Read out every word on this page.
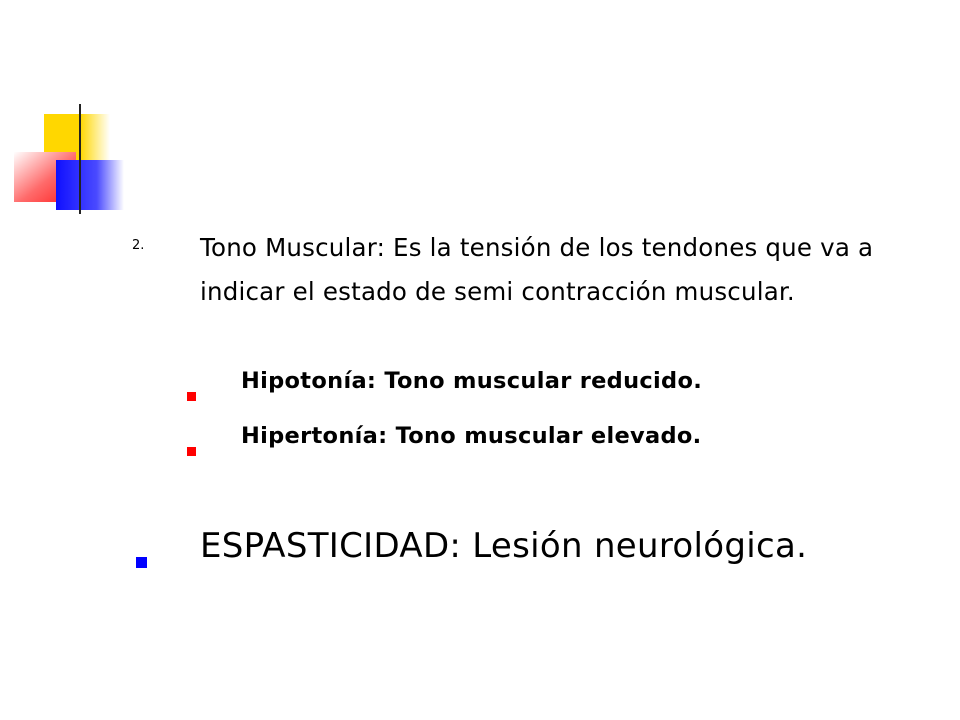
2. Tono Muscular: Es la tensión de los tendones que va a indicar el estado de semi contracción muscular.
Hipotonía: Tono muscular reducido.
Hipertonía: Tono muscular elevado.
ESPASTICIDAD: Lesión neurológica.
